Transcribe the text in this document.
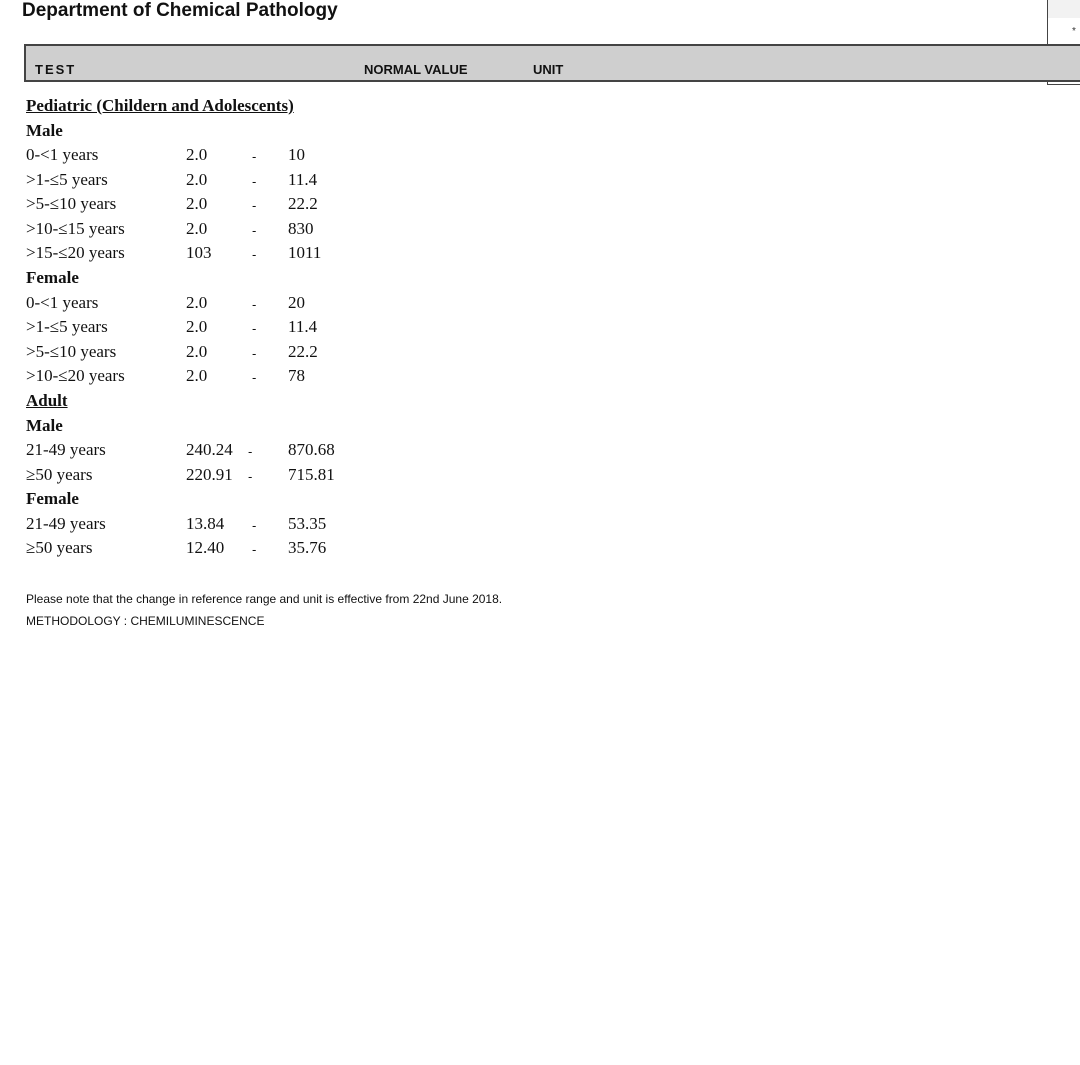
Department of Chemical Pathology
*
TEST	NORMAL VALUE	UNIT
Pediatric (Childern and Adolescents)
Male
0-<1 years	2.0	- 10
>1-≤5 years	2.0	- 11.4
>5-≤10 years	2.0	- 22.2
>10-≤15 years	2.0	- 830
>15-≤20 years	103	- 1011
Female
0-<1 years	2.0	- 20
>1-≤5 years	2.0	- 11.4
>5-≤10 years	2.0	- 22.2
>10-≤20 years	2.0	- 78
Adult
Male
21-49 years	240.24 - 870.68
≥50 years	220.91 - 715.81
Female
21-49 years	13.84 - 53.35
≥50 years	12.40 - 35.76
Please note that the change in reference range and unit is effective from 22nd June 2018.
METHODOLOGY : CHEMILUMINESCENCE
